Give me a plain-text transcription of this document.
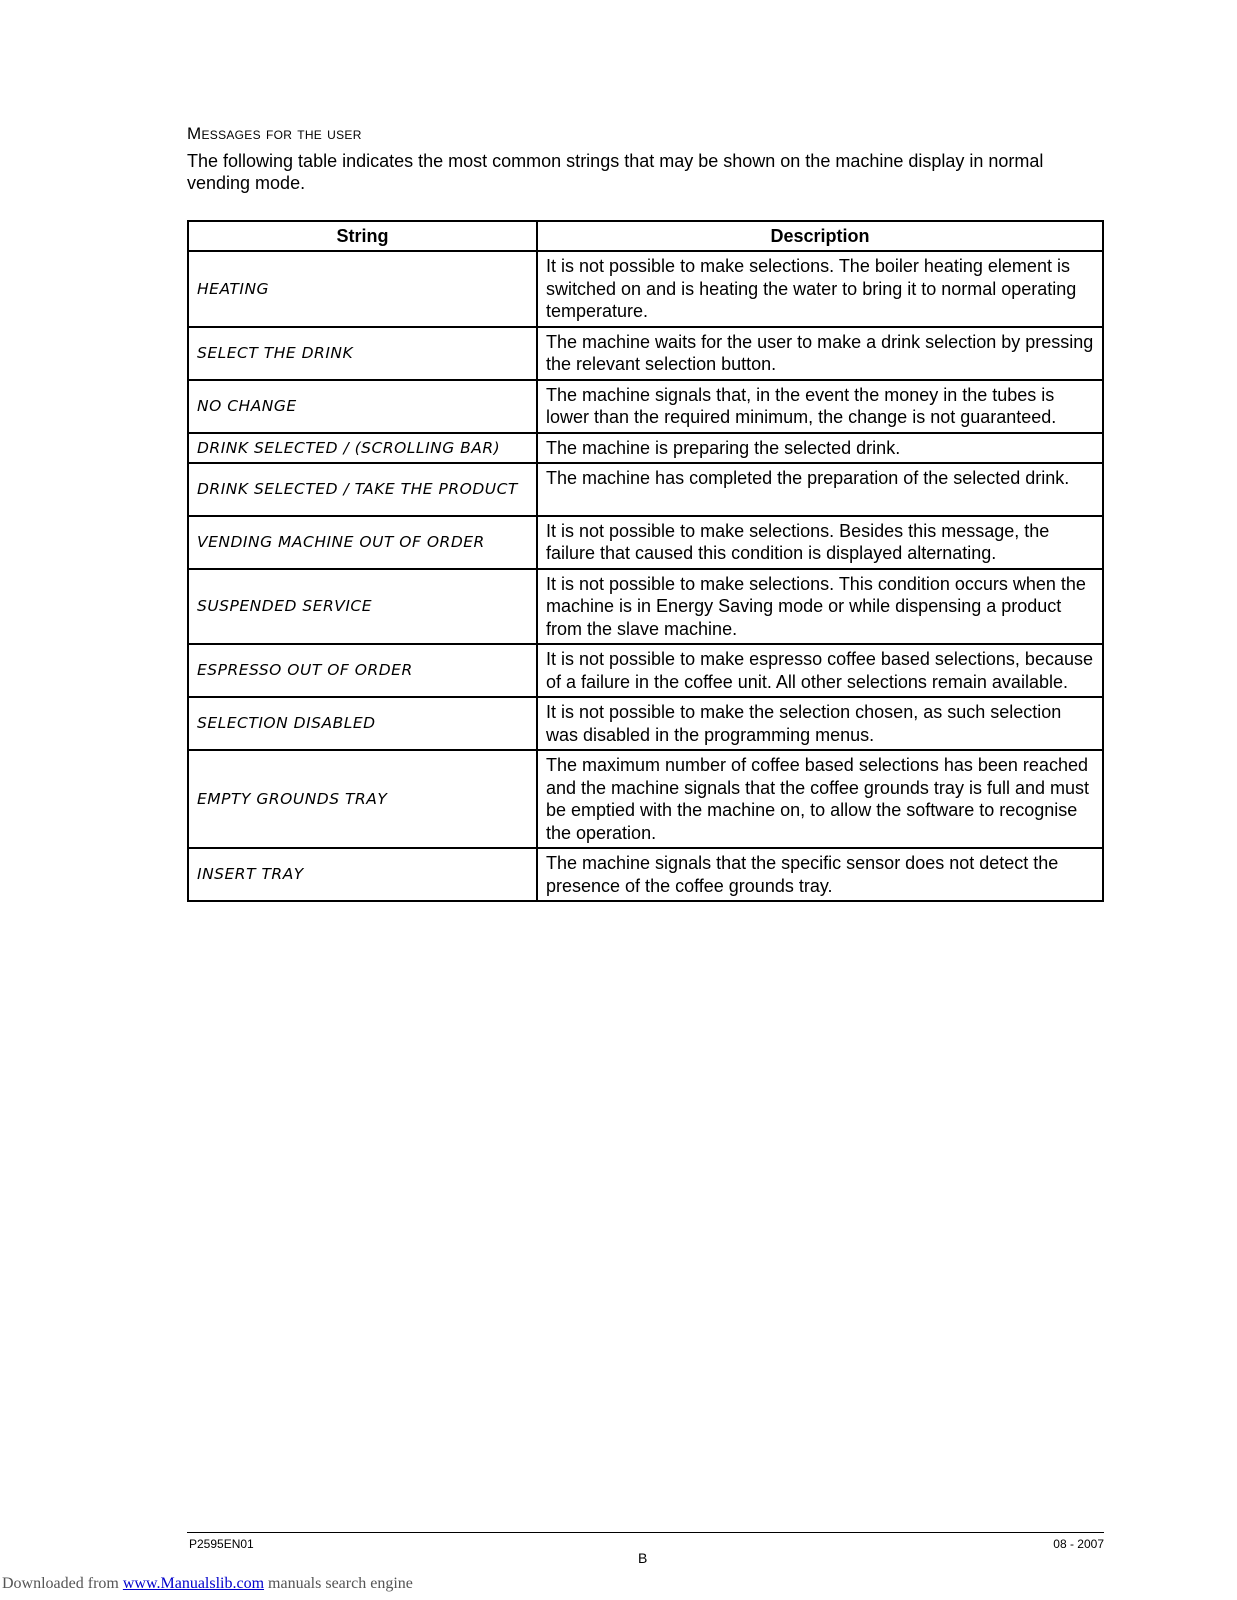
Messages for the user
The following table indicates the most common strings that may be shown on the machine display in normal vending mode.
String	Description
HEATING	It is not possible to make selections. The boiler heating element is switched on and is heating the water to bring it to normal operating temperature.
SELECT THE DRINK	The machine waits for the user to make a drink selection by pressing the relevant selection button.
NO CHANGE	The machine signals that, in the event the money in the tubes is lower than the required minimum, the change is not guaranteed.
DRINK SELECTED / (SCROLLING BAR)	The machine is preparing the selected drink.
DRINK SELECTED / TAKE THE PRODUCT	The machine has completed the preparation of the selected drink.
VENDING MACHINE OUT OF ORDER	It is not possible to make selections. Besides this message, the failure that caused this condition is displayed alternating.
SUSPENDED SERVICE	It is not possible to make selections. This condition occurs when the machine is in Energy Saving mode or while dispensing a product from the slave machine.
ESPRESSO OUT OF ORDER	It is not possible to make espresso coffee based selections, because of a failure in the coffee unit. All other selections remain available.
SELECTION DISABLED	It is not possible to make the selection chosen, as such selection was disabled in the programming menus.
EMPTY GROUNDS TRAY	The maximum number of coffee based selections has been reached and the machine signals that the coffee grounds tray is full and must be emptied with the machine on, to allow the software to recognise the operation.
INSERT TRAY	The machine signals that the specific sensor does not detect the presence of the coffee grounds tray.
P2595EN01	08 - 2007
B
Downloaded from www.Manualslib.com manuals search engine
